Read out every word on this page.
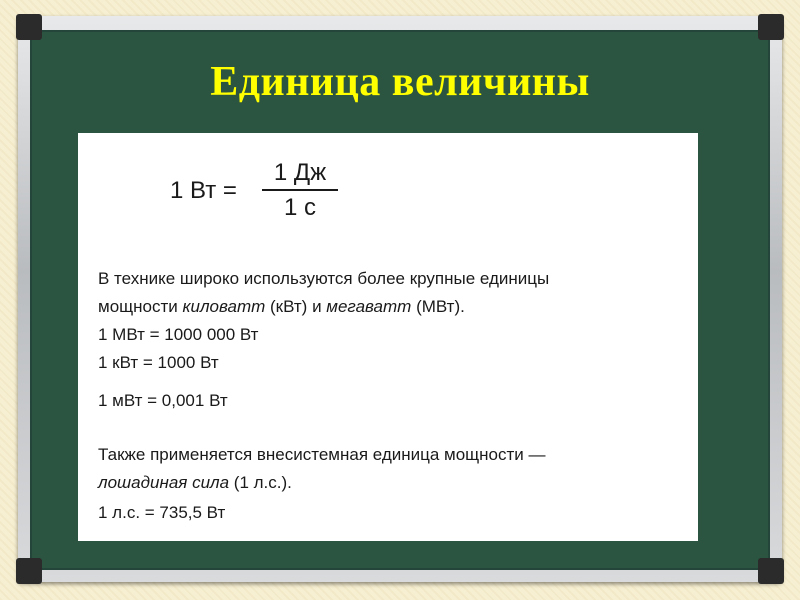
Единица величины
1 Вт =
1 Дж
1 с
В технике широко используются более крупные единицы
мощности киловатт (кВт) и мегаватт (МВт).
1 МВт = 1000 000 Вт
1 кВт = 1000 Вт
1 мВт = 0,001 Вт
Также применяется внесистемная единица мощности —
лошадиная сила (1 л.с.).
1 л.с. = 735,5 Вт
